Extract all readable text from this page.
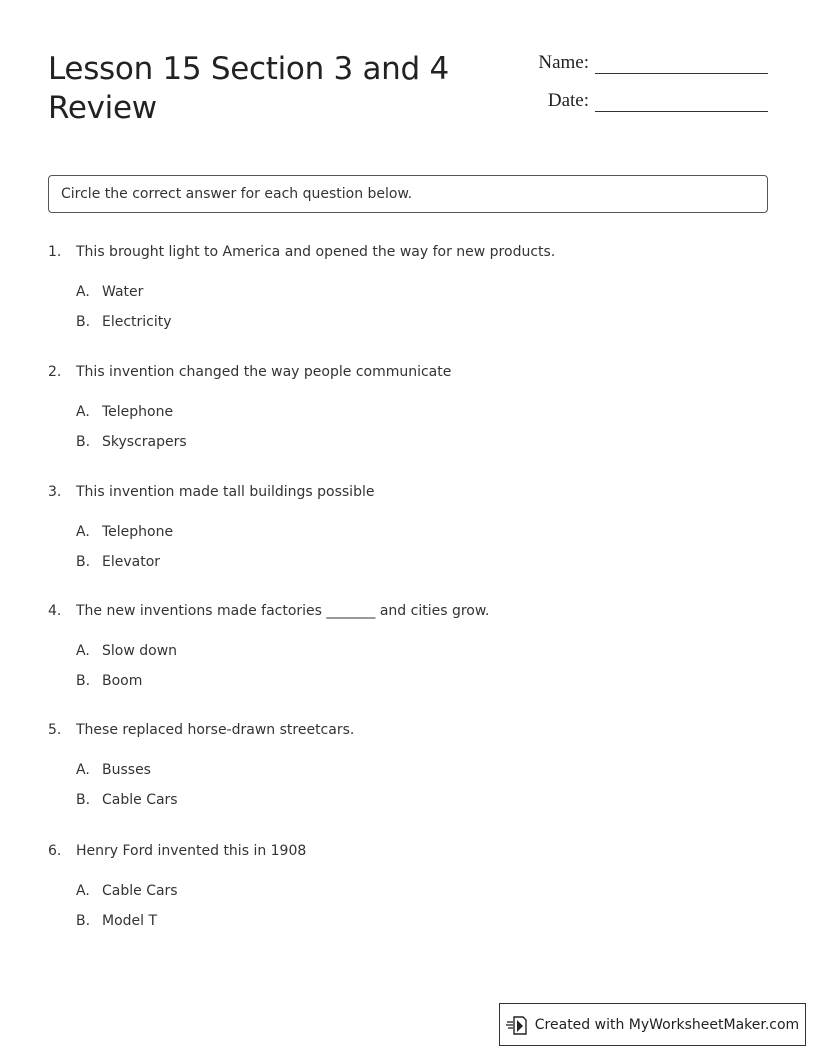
Lesson 15 Section 3 and 4 Review
Name:
Date:
Circle the correct answer for each question below.
1.	This brought light to America and opened the way for new products.
A. Water
B. Electricity
2.	This invention changed the way people communicate
A. Telephone
B. Skyscrapers
3.	This invention made tall buildings possible
A. Telephone
B. Elevator
4.	The new inventions made factories _______ and cities grow.
A. Slow down
B. Boom
5.	These replaced horse-drawn streetcars.
A. Busses
B. Cable Cars
6.	Henry Ford invented this in 1908
A. Cable Cars
B. Model T
Created with MyWorksheetMaker.com
